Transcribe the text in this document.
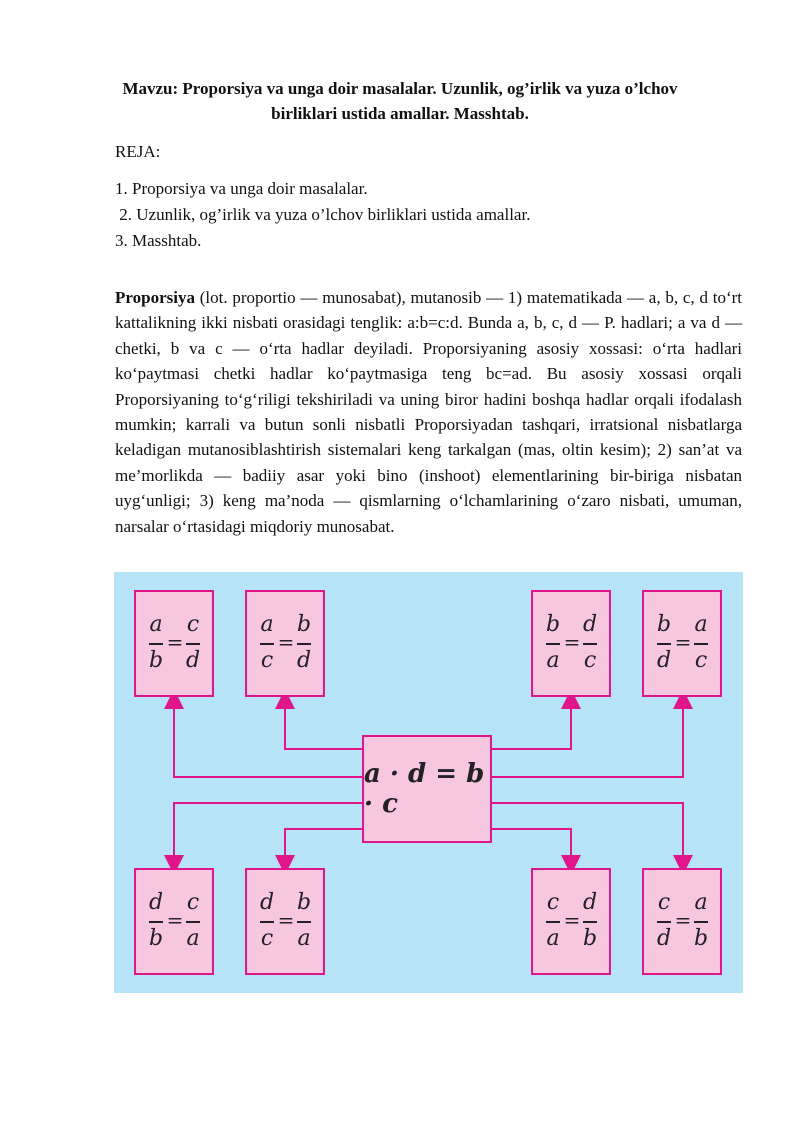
Mavzu: Proporsiya va unga doir masalalar. Uzunlik, og’irlik va yuza o’lchov birliklari ustida amallar. Masshtab.
REJA:
1. Proporsiya va unga doir masalalar.
2. Uzunlik, og’irlik va yuza o’lchov birliklari ustida amallar.
3. Masshtab.
Proporsiya (lot. proportio — munosabat), mutanosib — 1) matematikada — a, b, c, d to‘rt kattalikning ikki nisbati orasidagi tenglik: a:b=c:d. Bunda a, b, c, d — P. hadlari; a va d — chetki, b va c — o‘rta hadlar deyiladi. Proporsiyaning asosiy xossasi: o‘rta hadlari ko‘paytmasi chetki hadlar ko‘paytmasiga teng bc=ad. Bu asosiy xossasi orqali Proporsiyaning to‘g‘riligi tekshiriladi va uning biror hadini boshqa hadlar orqali ifodalash mumkin; karrali va butun sonli nisbatli Proporsiyadan tashqari, irratsional nisbatlarga keladigan mutanosiblashtirish sistemalari keng tarkalgan (mas, oltin kesim); 2) san’at va me’morlikda — badiiy asar yoki bino (inshoot) elementlarining bir-biriga nisbatan uyg‘unligi; 3) keng ma’noda — qismlarning o‘lchamlarining o‘zaro nisbati, umuman, narsalar o‘rtasidagi miqdoriy munosabat.
a
b
=
c
d
a
c
=
b
d
b
a
=
d
c
b
d
=
a
c
a · d = b · c
d
b
=
c
a
d
c
=
b
a
c
a
=
d
b
c
d
=
a
b
